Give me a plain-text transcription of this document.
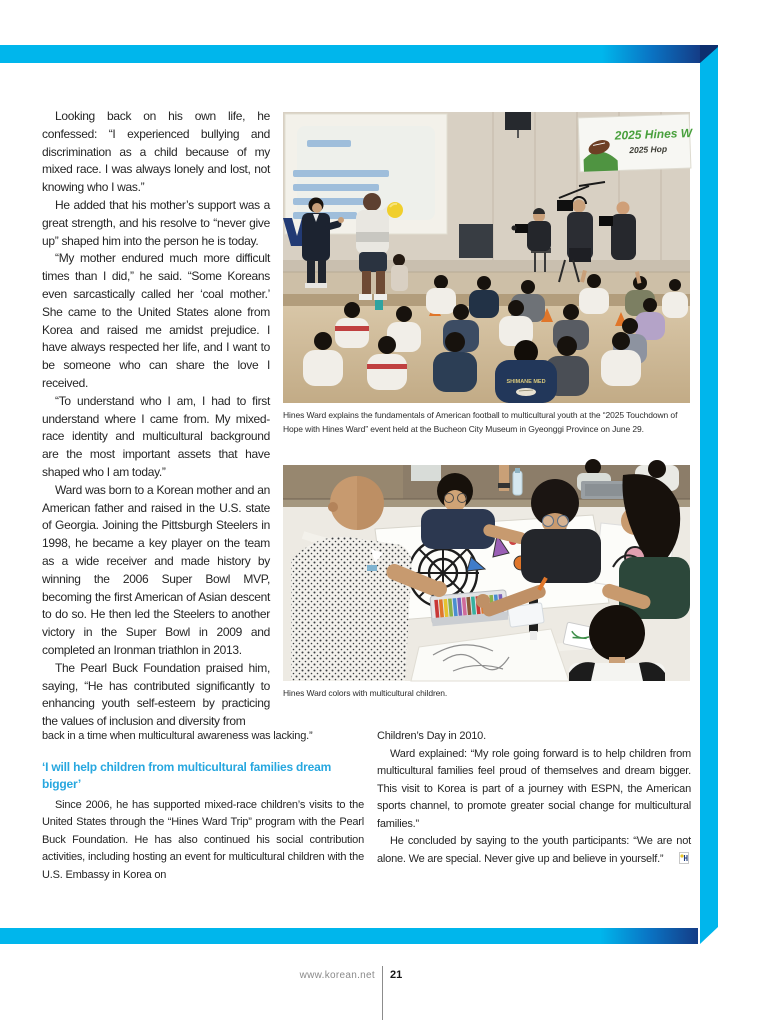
Looking back on his own life, he confessed: “I experienced bullying and discrimination as a child because of my mixed race. I was always lonely and lost, not knowing who I was.”

He added that his mother’s support was a great strength, and his resolve to “never give up” shaped him into the person he is today.

“My mother endured much more difficult times than I did,” he said. “Some Koreans even sarcastically called her ‘coal mother.’ She came to the United States alone from Korea and raised me amidst prejudice. I have always respected her life, and I want to be someone who can share the love I received.

“To understand who I am, I had to first understand where I came from. My mixed-race identity and multicultural background are the most important assets that have shaped who I am today.”

Ward was born to a Korean mother and an American father and raised in the U.S. state of Georgia. Joining the Pittsburgh Steelers in 1998, he became a key player on the team as a wide receiver and made history by winning the 2006 Super Bowl MVP, becoming the first American of Asian descent to do so. He then led the Steelers to another victory in the Super Bowl in 2009 and completed an Ironman triathlon in 2013.

The Pearl Buck Foundation praised him, saying, “He has contributed significantly to enhancing youth self-esteem by practicing the values of inclusion and diversity from

2025 Hines W
2025 Hop
SHIMANE MED
Hines Ward explains the fundamentals of American football to multicultural youth at the “2025 Touchdown of Hope with Hines Ward” event held at the Bucheon City Museum in Gyeonggi Province on June 29.
Hines Ward colors with multicultural children.

back in a time when multicultural awareness was lacking.”

‘I will help children from multicultural families dream bigger’

Since 2006, he has supported mixed-race children’s visits to the United States through the “Hines Ward Trip” program with the Pearl Buck Foundation. He has also continued his social contribution activities, including hosting an event for multicultural children with the U.S. Embassy in Korea on

Children’s Day in 2010.

Ward explained: “My role going forward is to help children from multicultural families feel proud of themselves and dream bigger. This visit to Korea is part of a journey with ESPN, the American sports channel, to promote greater social change for multicultural families.”

He concluded by saying to the youth participants: “We are not alone. We are special. Never give up and believe in yourself.”

www.korean.net 21
